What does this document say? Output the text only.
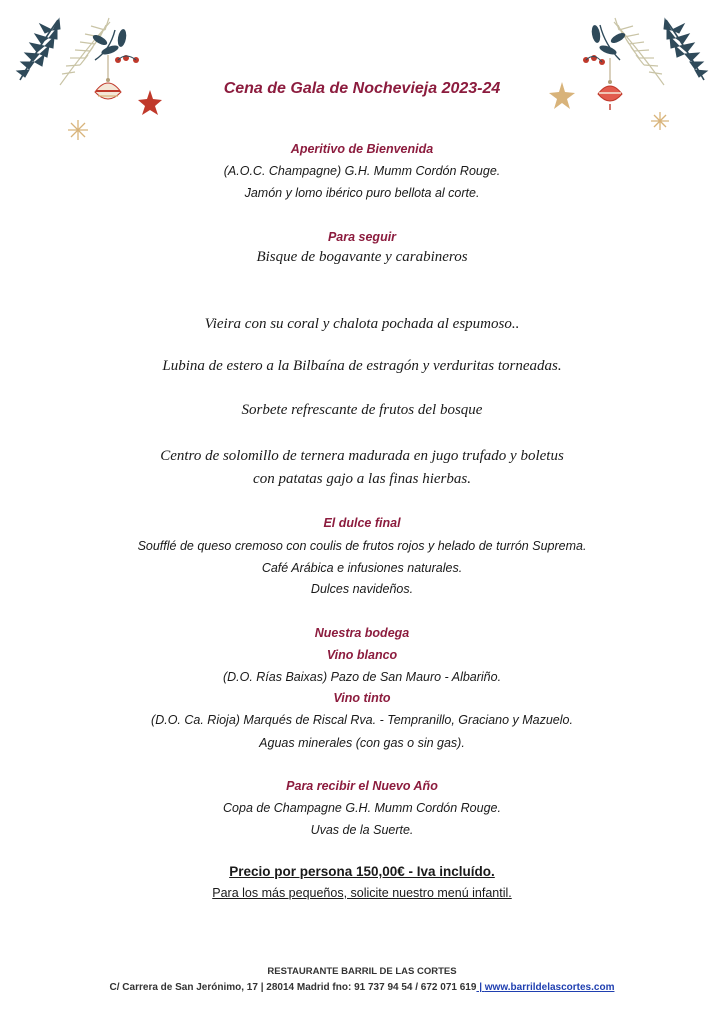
Cena de Gala de Nochevieja 2023-24
Aperitivo de Bienvenida
(A.O.C. Champagne) G.H. Mumm Cordón Rouge.
Jamón y lomo ibérico puro bellota al corte.
Para seguir
Bisque de bogavante y carabineros
Vieira con su coral y chalota pochada al espumoso..
Lubina de estero a la Bilbaína de estragón y verduritas torneadas.
Sorbete refrescante de frutos del bosque
Centro de solomillo de ternera madurada en jugo trufado y boletus
con patatas gajo a las finas hierbas.
El dulce final
Soufflé de queso cremoso con coulis de frutos rojos y helado de turrón Suprema.
Café Arábica e infusiones naturales.
Dulces navideños.
Nuestra bodega
Vino blanco
(D.O. Rías Baixas) Pazo de San Mauro - Albariño.
Vino tinto
(D.O. Ca. Rioja) Marqués de Riscal Rva. - Tempranillo, Graciano y Mazuelo.
Aguas minerales (con gas o sin gas).
Para recibir el Nuevo Año
Copa de Champagne G.H. Mumm Cordón Rouge.
Uvas de la Suerte.
Precio por persona 150,00€ - Iva incluído.
Para los más pequeños, solicite nuestro menú infantil.
RESTAURANTE BARRIL DE LAS CORTES
C/ Carrera de San Jerónimo, 17 | 28014 Madrid fno: 91 737 94 54 / 672 071 619 | www.barrildelascortes.com
